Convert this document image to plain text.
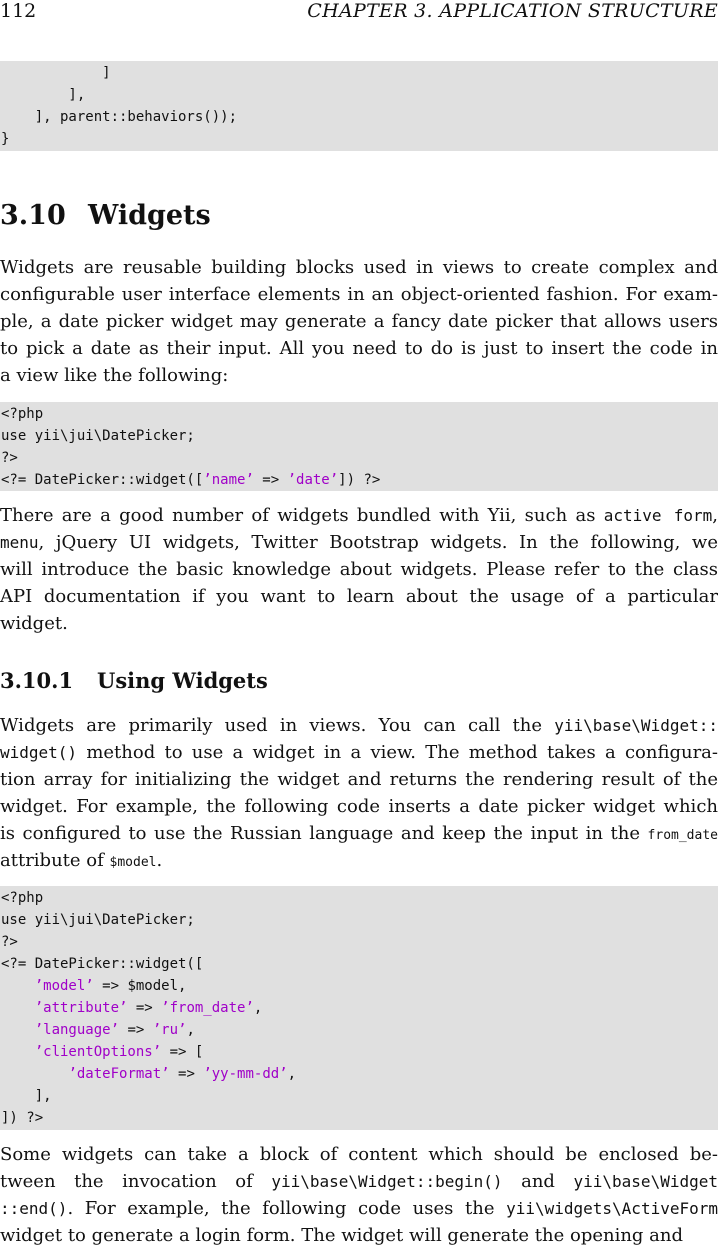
112	CHAPTER 3. APPLICATION STRUCTURE
]
],
], parent::behaviors());
}
3.10 Widgets
Widgets are reusable building blocks used in views to create complex and
configurable user interface elements in an object-oriented fashion. For exam-
ple, a date picker widget may generate a fancy date picker that allows users
to pick a date as their input. All you need to do is just to insert the code in
a view like the following:
<?php
use yii\jui\DatePicker;
?>
<?= DatePicker::widget([’name’ => ’date’]) ?>
There are a good number of widgets bundled with Yii, such as active form,
menu, jQuery UI widgets, Twitter Bootstrap widgets. In the following, we
will introduce the basic knowledge about widgets. Please refer to the class
API documentation if you want to learn about the usage of a particular
widget.
3.10.1 Using Widgets
Widgets are primarily used in views. You can call the yii\base\Widget::
widget() method to use a widget in a view. The method takes a configura-
tion array for initializing the widget and returns the rendering result of the
widget. For example, the following code inserts a date picker widget which
is configured to use the Russian language and keep the input in the from_date
attribute of $model.
<?php
use yii\jui\DatePicker;
?>
<?= DatePicker::widget([
’model’ => $model,
’attribute’ => ’from_date’,
’language’ => ’ru’,
’clientOptions’ => [
’dateFormat’ => ’yy-mm-dd’,
],
]) ?>
Some widgets can take a block of content which should be enclosed be-
tween the invocation of yii\base\Widget::begin() and yii\base\Widget
::end(). For example, the following code uses the yii\widgets\ActiveForm
widget to generate a login form. The widget will generate the opening and
